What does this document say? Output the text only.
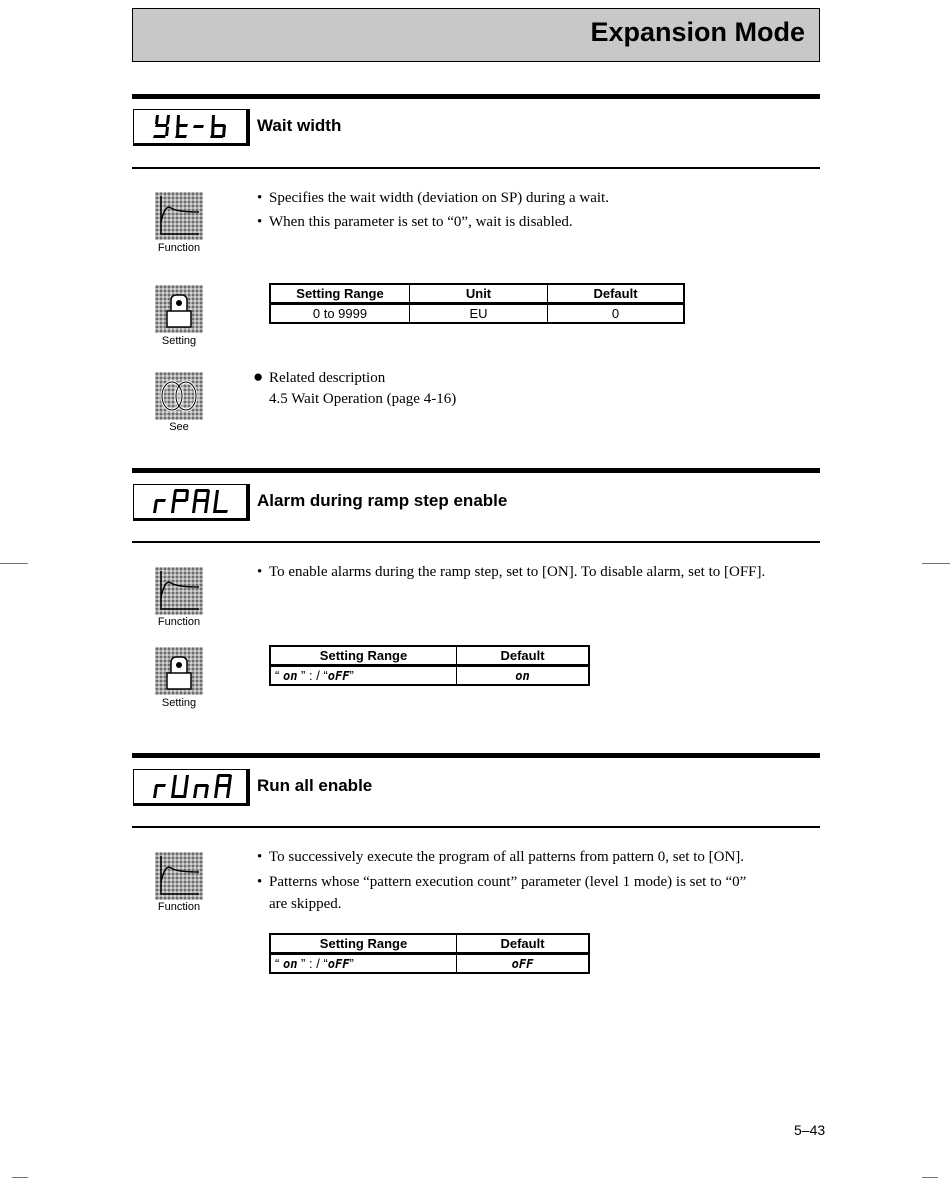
Expansion Mode
Wait width
Function
• Specifies the wait width (deviation on SP) during a wait.
• When this parameter is set to “0”, wait is disabled.
Setting
Setting Range	Unit	Default
0 to 9999	EU	0
See
● Related description
4.5 Wait Operation (page 4-16)
Alarm during ramp step enable
Function
• To enable alarms during the ramp step, set to [ON]. To disable alarm, set to [OFF].
Setting
Setting Range	Default
“ on ” : / “oFF”	on
Run all enable
Function
• To successively execute the program of all patterns from pattern 0, set to [ON].
• Patterns whose “pattern execution count” parameter (level 1 mode) is set to “0”
are skipped.
Setting Range	Default
“ on ” : / “oFF”	oFF
5–43
